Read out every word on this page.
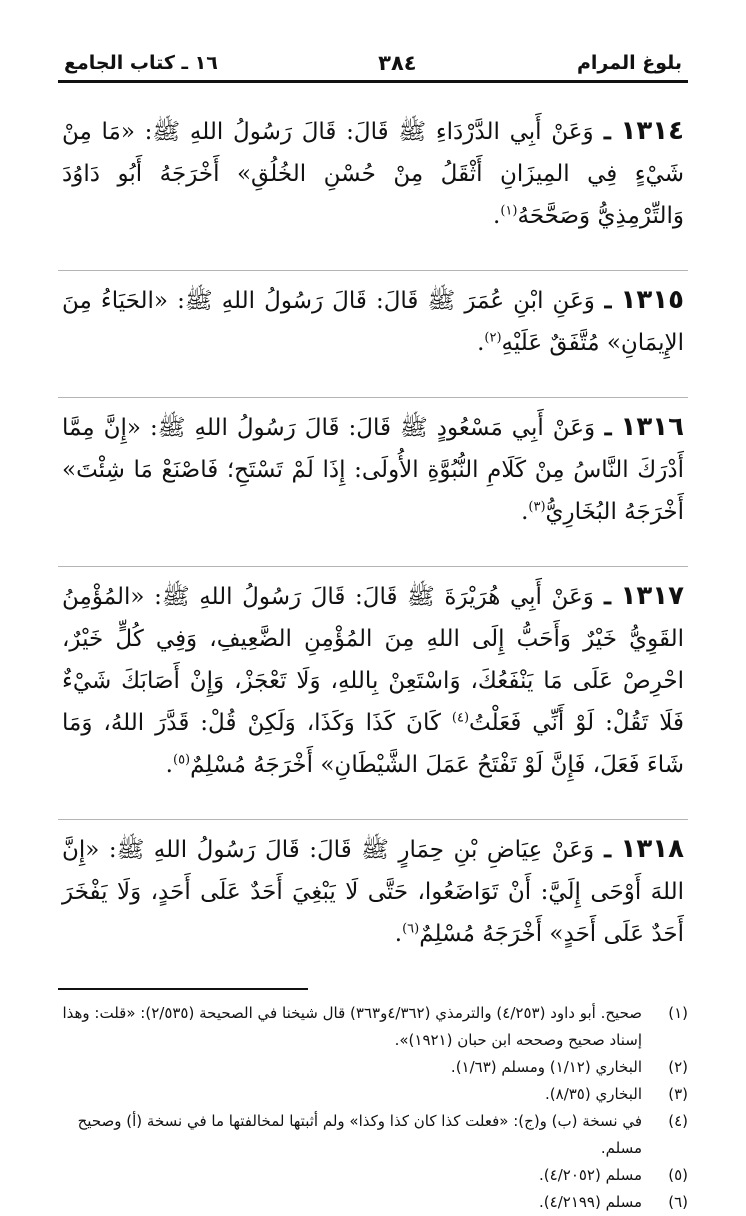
بلوغ المرام
٣٨٤
١٦ ـ كتاب الجامع

١٣١٤ ـ وَعَنْ أَبِي الدَّرْدَاءِ ﷺ قَالَ: قَالَ رَسُولُ اللهِ ﷺ: «مَا مِنْ شَيْءٍ فِي المِيزَانِ أَثْقَلُ مِنْ حُسْنِ الخُلُقِ» أَخْرَجَهُ أَبُو دَاوُدَ وَالتِّرْمِذِيُّ وَصَحَّحَهُ$^{(١)}$.

١٣١٥ ـ وَعَنِ ابْنِ عُمَرَ ﷺ قَالَ: قَالَ رَسُولُ اللهِ ﷺ: «الحَيَاءُ مِنَ الإِيمَانِ» مُتَّفَقٌ عَلَيْهِ$^{(٢)}$.

١٣١٦ ـ وَعَنْ أَبِي مَسْعُودٍ ﷺ قَالَ: قَالَ رَسُولُ اللهِ ﷺ: «إِنَّ مِمَّا أَدْرَكَ النَّاسُ مِنْ كَلَامِ النُّبُوَّةِ الأُولَى: إِذَا لَمْ تَسْتَحِ؛ فَاصْنَعْ مَا شِئْتَ» أَخْرَجَهُ البُخَارِيُّ$^{(٣)}$.

١٣١٧ ـ وَعَنْ أَبِي هُرَيْرَةَ ﷺ قَالَ: قَالَ رَسُولُ اللهِ ﷺ: «المُؤْمِنُ القَوِيُّ خَيْرٌ وَأَحَبُّ إِلَى اللهِ مِنَ المُؤْمِنِ الضَّعِيفِ، وَفِي كُلٍّ خَيْرٌ، احْرِصْ عَلَى مَا يَنْفَعُكَ، وَاسْتَعِنْ بِاللهِ، وَلَا تَعْجَزْ، وَإِنْ أَصَابَكَ شَيْءٌ فَلَا تَقُلْ: لَوْ أَنِّي فَعَلْتُ$^{(٤)}$ كَانَ كَذَا وَكَذَا، وَلَكِنْ قُلْ: قَدَّرَ اللهُ، وَمَا شَاءَ فَعَلَ، فَإِنَّ لَوْ تَفْتَحُ عَمَلَ الشَّيْطَانِ» أَخْرَجَهُ مُسْلِمٌ$^{(٥)}$.

١٣١٨ ـ وَعَنْ عِيَاضِ بْنِ حِمَارٍ ﷺ قَالَ: قَالَ رَسُولُ اللهِ ﷺ: «إِنَّ اللهَ أَوْحَى إِلَيَّ: أَنْ تَوَاضَعُوا، حَتَّى لَا يَبْغِيَ أَحَدٌ عَلَى أَحَدٍ، وَلَا يَفْخَرَ أَحَدٌ عَلَى أَحَدٍ» أَخْرَجَهُ مُسْلِمٌ$^{(٦)}$.

(١)
صحيح. أبو داود (٤/٢٥٣) والترمذي (٤/٣٦٢و٣٦٣) قال شيخنا في الصحيحة (٢/٥٣٥): «قلت: وهذا إسناد صحيح وصححه ابن حبان (١٩٢١)».
(٢)
البخاري (١/١٢) ومسلم (١/٦٣).
(٣)
البخاري (٨/٣٥).
(٤)
في نسخة (ب) و(ج): «فعلت كذا كان كذا وكذا» ولم أثبتها لمخالفتها ما في نسخة (أ) وصحيح مسلم.
(٥)
مسلم (٤/٢٠٥٢).
(٦)
مسلم (٤/٢١٩٩).
